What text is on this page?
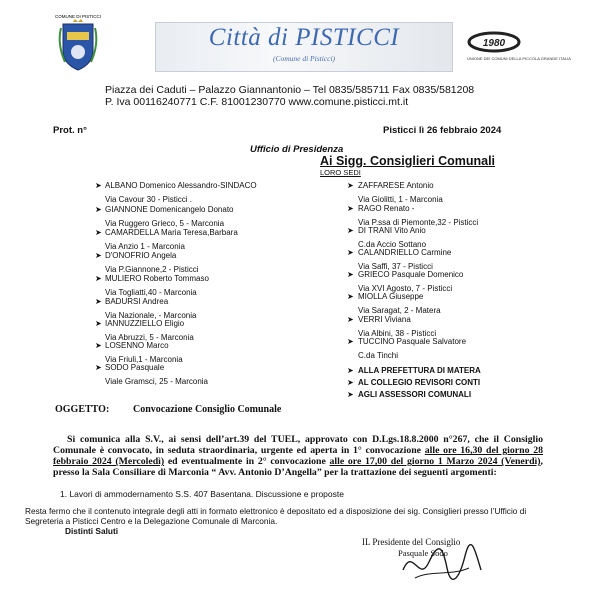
COMUNE DI PISTICCI
Città di PISTICCI
(Comune di Pisticci)
1980
UNIONE DEI COMUNI DELLA PICCOLA GRANDE ITALIA
Piazza dei Caduti – Palazzo Giannantonio – Tel 0835/585711 Fax 0835/581208
P. Iva 00116240771 C.F. 81001230770 www.comune.pisticci.mt.it
Prot. n°	Pisticci lì 26 febbraio 2024
Ufficio di Presidenza
Ai Sigg. Consiglieri Comunali
LORO SEDI
➤ ALBANO Domenico Alessandro-SINDACO
Via Cavour 30 - Pisticci .
➤ GIANNONE Domenicangelo Donato
Via Ruggero Grieco, 5 - Marconia
➤ CAMARDELLA Maria Teresa,Barbara
Via Anzio 1 - Marconia
➤ D'ONOFRIO Angela
Via P.Giannone,2 - Pisticci
➤ MULIERO Roberto Tommaso
Via Togliatti,40 - Marconia
➤ BADURSI Andrea
Via Nazionale, - Marconia
➤ IANNUZZIELLO Eligio
Via Abruzzi, 5 - Marconia
➤ LOSENNO Marco
Via Friuli,1 - Marconia
➤ SODO Pasquale
Viale Gramsci, 25 - Marconia
➤ ZAFFARESE Antonio
Via Giolitti, 1 - Marconia
➤ RAGO Renato -
Via P.ssa di Piemonte,32 - Pisticci
➤ DI TRANI Vito Anio
C.da Accio Sottano
➤ CALANDRIELLO Carmine
Via Saffi, 37 - Pisticci
➤ GRIECO Pasquale Domenico
Via XVI Agosto, 7 - Pisticci
➤ MIOLLA Giuseppe
Via Saragat, 2 - Matera
➤ VERRI Viviana
Via Albini, 38 - Pisticci
➤ TUCCINO Pasquale Salvatore
C.da Tinchi
➤ ALLA PREFETTURA DI MATERA
➤ AL COLLEGIO REVISORI CONTI
➤ AGLI ASSESSORI COMUNALI
OGGETTO: Convocazione Consiglio Comunale
Si comunica alla S.V., ai sensi dell’art.39 del TUEL, approvato con D.Lgs.18.8.2000 n°267, che il Consiglio Comunale è convocato, in seduta straordinaria, urgente ed aperta in 1° convocazione alle ore 16,30 del giorno 28 febbraio 2024 (Mercoledì) ed eventualmente in 2° convocazione alle ore 17,00 del giorno 1 Marzo 2024 (Venerdì), presso la Sala Consiliare di Marconia “ Avv. Antonio D’Angella” per la trattazione dei seguenti argomenti:
1. Lavori di ammodernamento S.S. 407 Basentana. Discussione e proposte
Resta fermo che il contenuto integrale degli atti in formato elettronico è depositato ed a disposizione dei sig. Consiglieri presso l’Ufficio di Segreteria a Pisticci Centro e la Delegazione Comunale di Marconia.
Distinti Saluti
IL Presidente del Consiglio
Pasquale Sodo
